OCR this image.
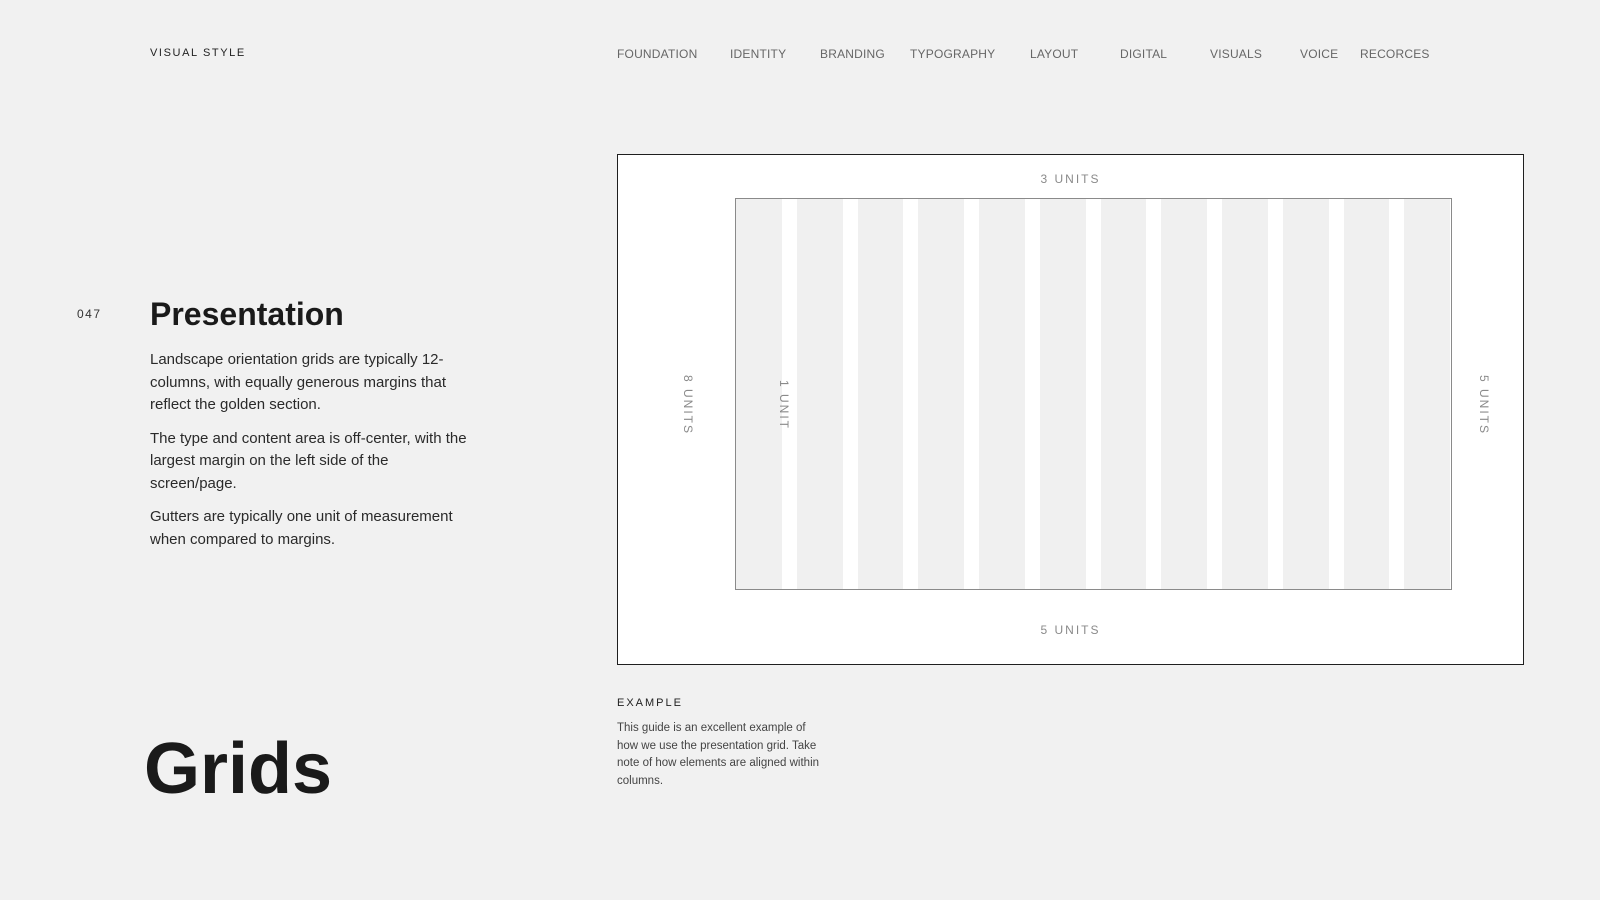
VISUAL STYLE	FOUNDATION	IDENTITY	BRANDING TYPOGRAPHY	LAYOUT	DIGITAL	VISUALS	VOICE RECORCES
047 Presentation

Landscape orientation grids are typically 12-columns, with equally generous margins that reflect the golden section.

The type and content area is off-center, with the largest margin on the left side of the screen/page.

Gutters are typically one unit of measurement when compared to margins.

Grids
3 UNITS
8 UNITS	1 UNIT	5 UNITS
5 UNITS
EXAMPLE
This guide is an excellent example of how we use the presentation grid. Take note of how elements are aligned within columns.
